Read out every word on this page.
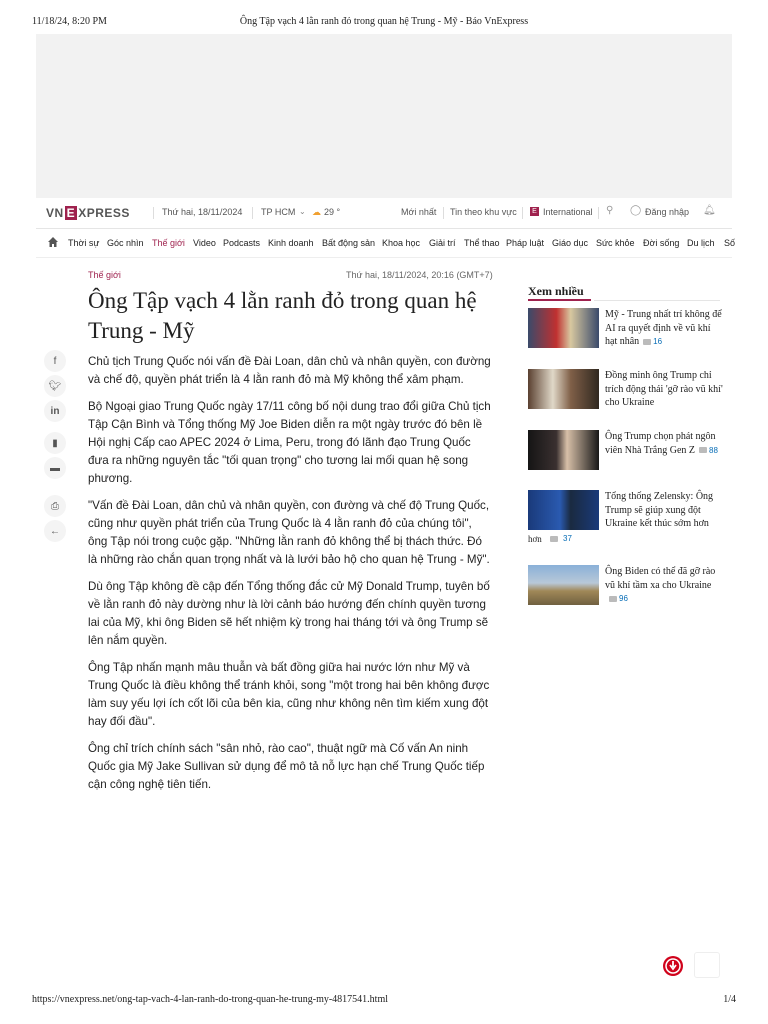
11/18/24, 8:20 PM	Ông Tập vạch 4 lằn ranh đỏ trong quan hệ Trung - Mỹ - Báo VnExpress
VN E XPRESS	Thứ hai, 18/11/2024 TP HCM ⌄ ☁ 29 °	Mới nhất Tin theo khu vực	E International ⚲ ◯ Đăng nhập 🔔︎
Thời sự Góc nhìn Thế giới Video Podcasts Kinh doanh Bất động sản Khoa học Giải trí Thể thao Pháp luật Giáo dục Sức khỏe Đời sống Du lịch Số
Thế giới	Thứ hai, 18/11/2024, 20:16 (GMT+7)
Ông Tập vạch 4 lằn ranh đỏ trong quan hệ Trung - Mỹ
f
🐦︎
in
▮
▬
⎙
←

Chủ tịch Trung Quốc nói vấn đề Đài Loan, dân chủ và nhân quyền, con đường và chế độ, quyền phát triển là 4 lằn ranh đỏ mà Mỹ không thể xâm phạm.

Bộ Ngoại giao Trung Quốc ngày 17/11 công bố nội dung trao đổi giữa Chủ tịch Tập Cận Bình và Tổng thống Mỹ Joe Biden diễn ra một ngày trước đó bên lề Hội nghị Cấp cao APEC 2024 ở Lima, Peru, trong đó lãnh đạo Trung Quốc đưa ra những nguyên tắc "tối quan trọng" cho tương lai mối quan hệ song phương.

"Vấn đề Đài Loan, dân chủ và nhân quyền, con đường và chế độ Trung Quốc, cũng như quyền phát triển của Trung Quốc là 4 lằn ranh đỏ của chúng tôi", ông Tập nói trong cuộc gặp. "Những lằn ranh đỏ không thể bị thách thức. Đó là những rào chắn quan trọng nhất và là lưới bảo hộ cho quan hệ Trung - Mỹ".

Dù ông Tập không đề cập đến Tổng thống đắc cử Mỹ Donald Trump, tuyên bố về lằn ranh đỏ này dường như là lời cảnh báo hướng đến chính quyền tương lai của Mỹ, khi ông Biden sẽ hết nhiệm kỳ trong hai tháng tới và ông Trump sẽ lên nắm quyền.

Ông Tập nhấn mạnh mâu thuẫn và bất đồng giữa hai nước lớn như Mỹ và Trung Quốc là điều không thể tránh khỏi, song "một trong hai bên không được làm suy yếu lợi ích cốt lõi của bên kia, cũng như không nên tìm kiếm xung đột hay đối đầu".

Ông chỉ trích chính sách "sân nhỏ, rào cao", thuật ngữ mà Cố vấn An ninh Quốc gia Mỹ Jake Sullivan sử dụng để mô tả nỗ lực hạn chế Trung Quốc tiếp cận công nghệ tiên tiến.

Xem nhiều
Mỹ - Trung nhất trí không để AI ra quyết định về vũ khí hạt nhân 16
Đồng minh ông Trump chỉ trích động thái 'gỡ rào vũ khí' cho Ukraine
Ông Trump chọn phát ngôn viên Nhà Trắng Gen Z 88
Tổng thống Zelensky: Ông Trump sẽ giúp xung đột Ukraine kết thúc sớm hơn
hơn	37
Ông Biden có thể đã gỡ rào vũ khí tầm xa cho Ukraine96
https://vnexpress.net/ong-tap-vach-4-lan-ranh-do-trong-quan-he-trung-my-4817541.html	1/4
